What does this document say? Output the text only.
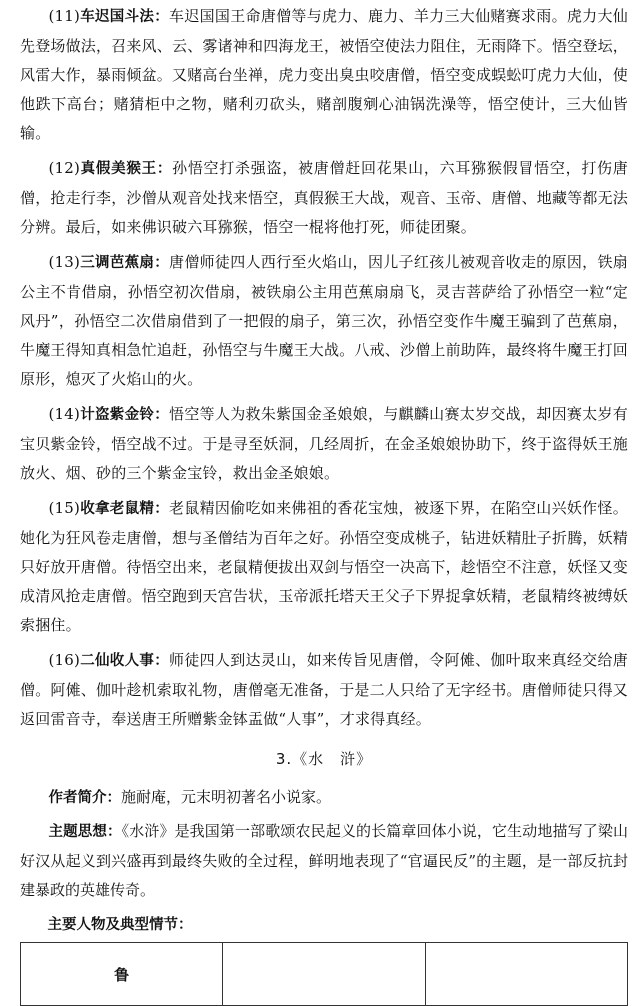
(11)车迟国斗法：车迟国国王命唐僧等与虎力、鹿力、羊力三大仙赌赛求雨。虎力大仙先登场做法，召来风、云、雾诸神和四海龙王，被悟空使法力阻住，无雨降下。悟空登坛，风雷大作，暴雨倾盆。又赌高台坐禅，虎力变出臭虫咬唐僧，悟空变成蜈蚣叮虎力大仙，使他跌下高台；赌猜柜中之物，赌利刃砍头，赌剖腹剜心油锅洗澡等，悟空使计，三大仙皆输。

(12)真假美猴王：孙悟空打杀强盗，被唐僧赶回花果山，六耳猕猴假冒悟空，打伤唐僧，抢走行李，沙僧从观音处找来悟空，真假猴王大战，观音、玉帝、唐僧、地藏等都无法分辨。最后，如来佛识破六耳猕猴，悟空一棍将他打死，师徒团聚。

(13)三调芭蕉扇：唐僧师徒四人西行至火焰山，因儿子红孩儿被观音收走的原因，铁扇公主不肯借扇，孙悟空初次借扇，被铁扇公主用芭蕉扇扇飞，灵吉菩萨给了孙悟空一粒“定风丹”，孙悟空二次借扇借到了一把假的扇子，第三次，孙悟空变作牛魔王骗到了芭蕉扇，牛魔王得知真相急忙追赶，孙悟空与牛魔王大战。八戒、沙僧上前助阵，最终将牛魔王打回原形，熄灭了火焰山的火。

(14)计盗紫金铃：悟空等人为救朱紫国金圣娘娘，与麒麟山赛太岁交战，却因赛太岁有宝贝紫金铃，悟空战不过。于是寻至妖洞，几经周折，在金圣娘娘协助下，终于盗得妖王施放火、烟、砂的三个紫金宝铃，救出金圣娘娘。

(15)收拿老鼠精：老鼠精因偷吃如来佛祖的香花宝烛，被逐下界，在陷空山兴妖作怪。她化为狂风卷走唐僧，想与圣僧结为百年之好。孙悟空变成桃子，钻进妖精肚子折腾，妖精只好放开唐僧。待悟空出来，老鼠精便拔出双剑与悟空一决高下，趁悟空不注意，妖怪又变成清风抢走唐僧。悟空跑到天宫告状，玉帝派托塔天王父子下界捉拿妖精，老鼠精终被缚妖索捆住。

(16)二仙收人事：师徒四人到达灵山，如来传旨见唐僧，令阿傩、伽叶取来真经交给唐僧。阿傩、伽叶趁机索取礼物，唐僧毫无准备，于是二人只给了无字经书。唐僧师徒只得又返回雷音寺，奉送唐王所赠紫金钵盂做“人事”，才求得真经。

3.《水　浒》

作者简介：施耐庵，元末明初著名小说家。

主题思想：《水浒》是我国第一部歌颂农民起义的长篇章回体小说，它生动地描写了梁山好汉从起义到兴盛再到最终失败的全过程，鲜明地表现了“官逼民反”的主题，是一部反抗封建暴政的英雄传奇。

主要人物及典型情节：
鲁		
